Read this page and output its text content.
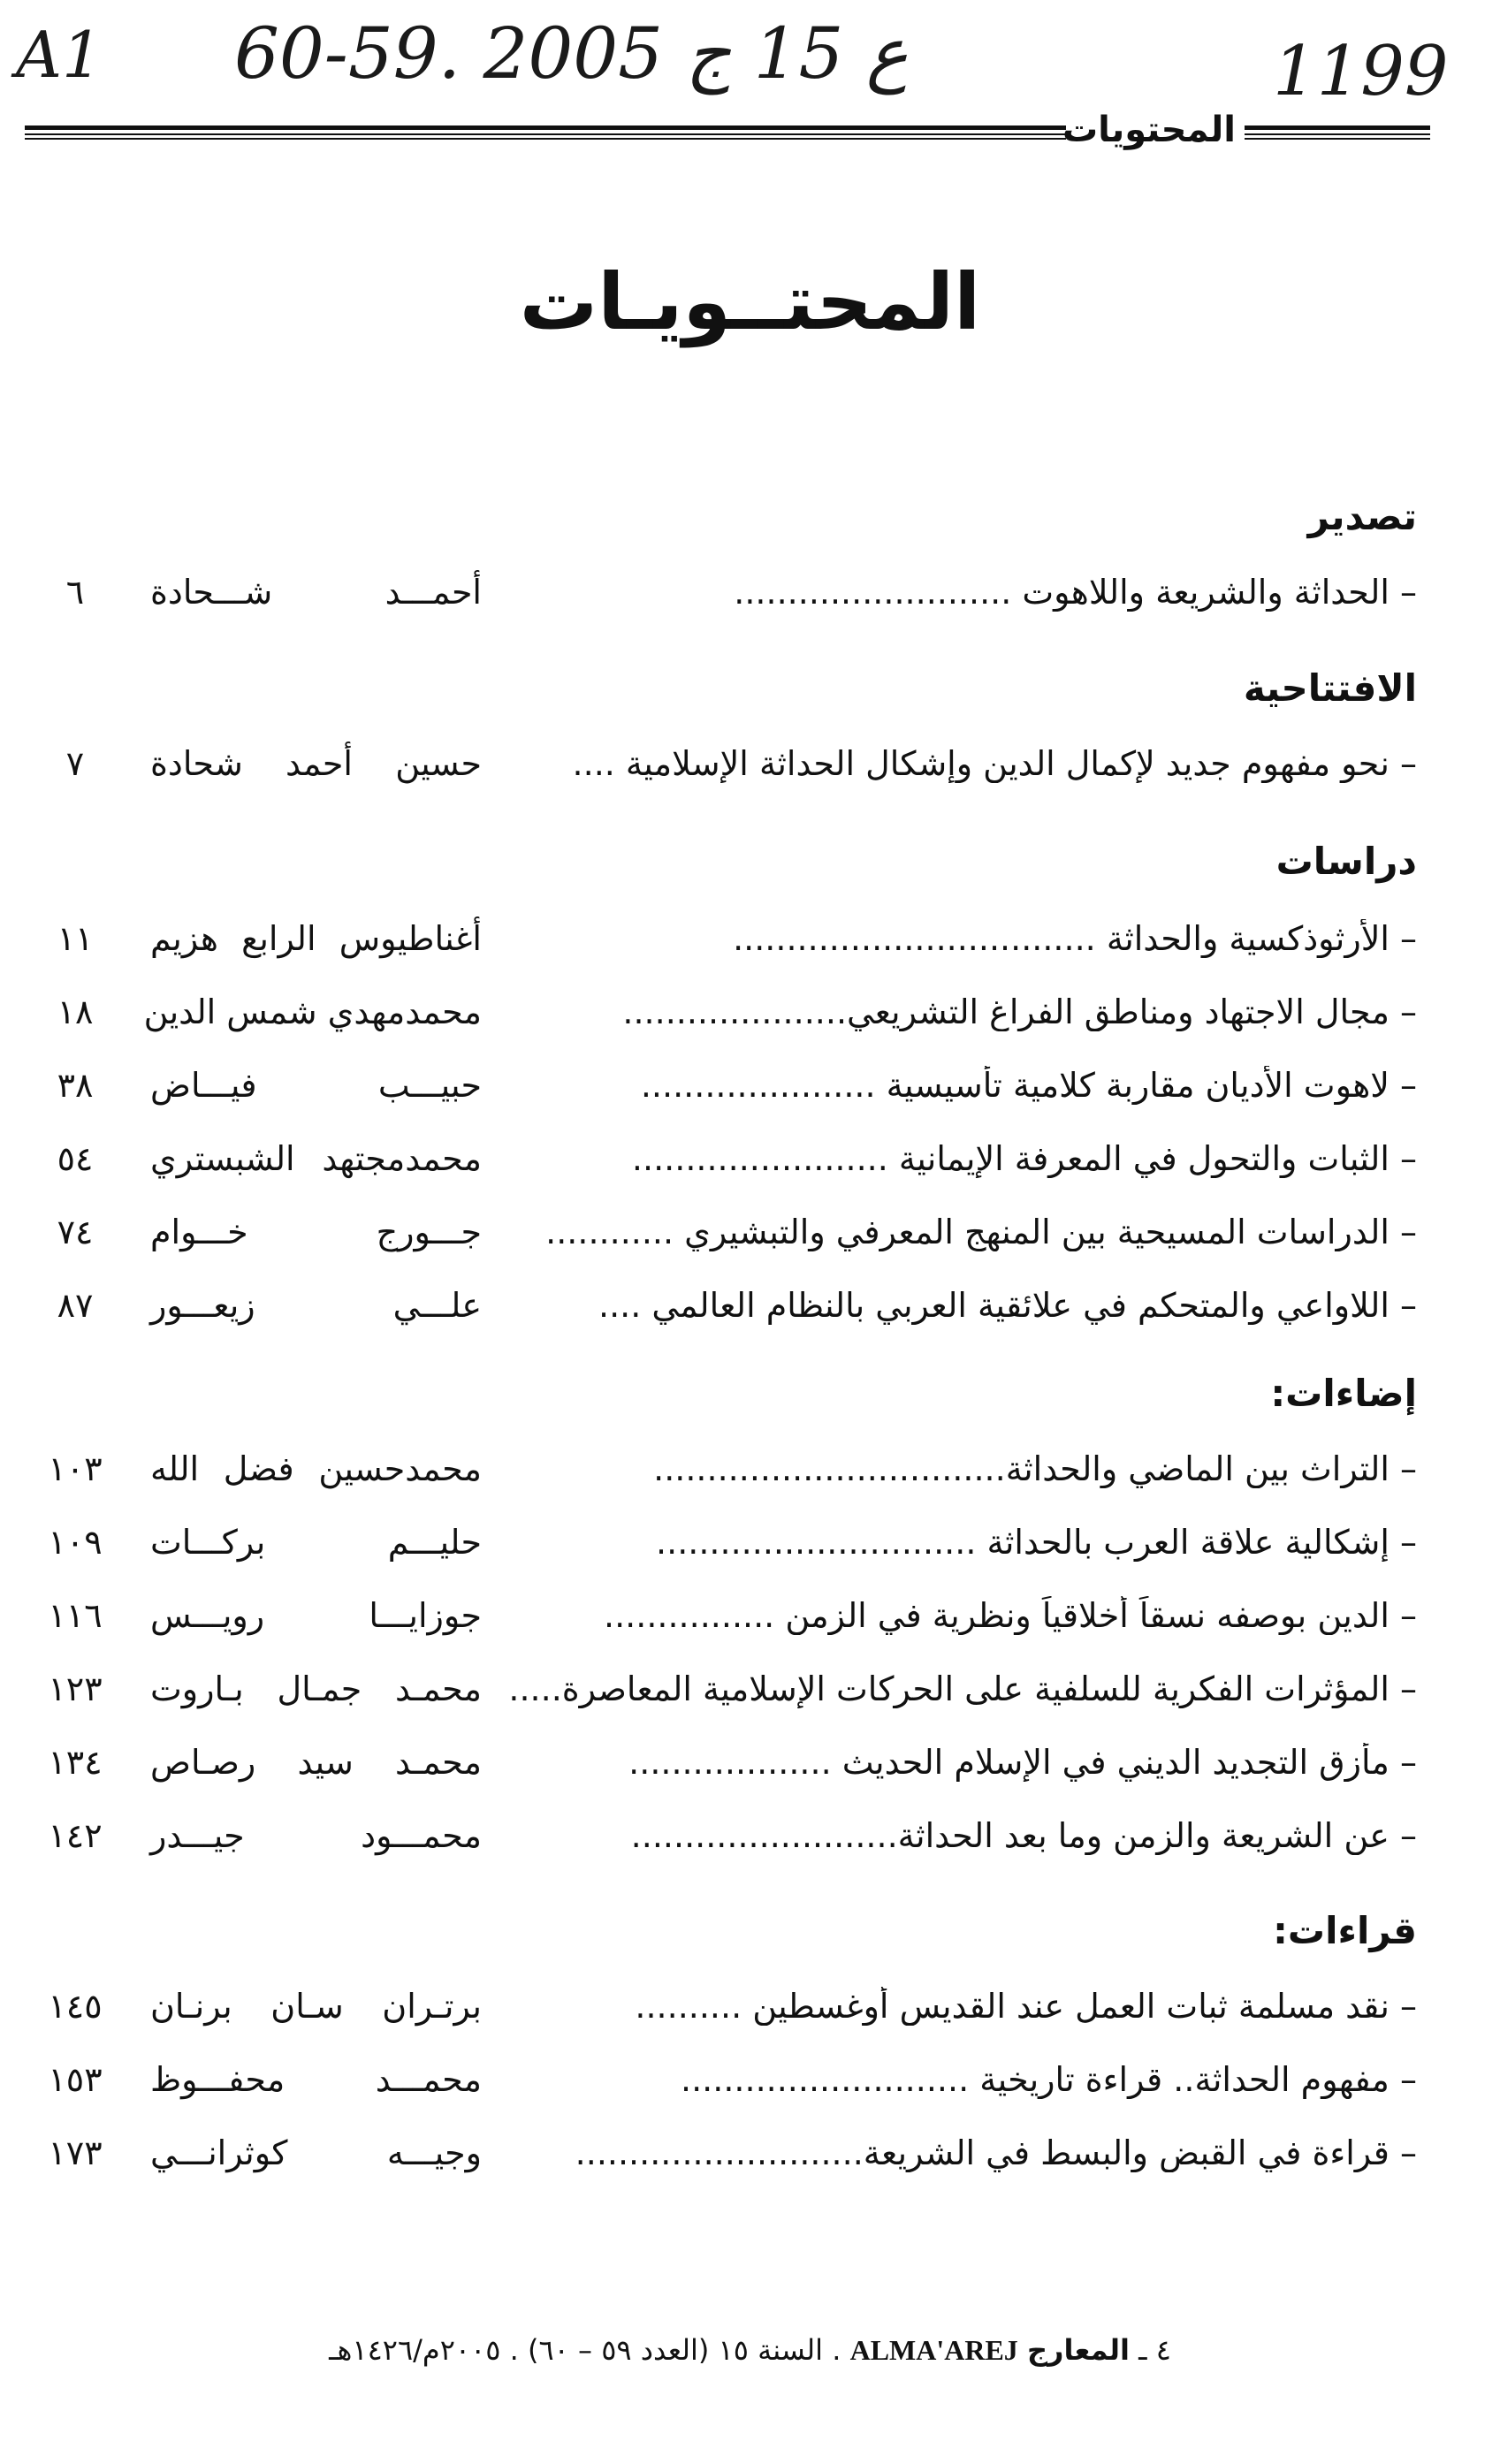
A1 60-59. ع 15 ج 2005	1199
المحتويات
المحتــويـات
تصدير
– الحداثة والشريعة واللاهوت ..........................
أحمـــد شـــحادة
٦
الافتتاحية
– نحو مفهوم جديد لإكمال الدين وإشكال الحداثة الإسلامية ....
حسين أحمد شحادة
٧
دراسات
– الأرثوذكسية والحداثة ..................................
أغناطيوس الرابع هزيم
١١
– مجال الاجتهاد ومناطق الفراغ التشريعي.....................
محمدمهدي شمس الدين
١٨
– لاهوت الأديان مقاربة كلامية تأسيسية ......................
حبيـــب فيـــاض
٣٨
– الثبات والتحول في المعرفة الإيمانية ........................
محمدمجتهد الشبستري
٥٤
– الدراسات المسيحية بين المنهج المعرفي والتبشيري ............
جـــورج خـــوام
٧٤
– اللاواعي والمتحكم في علائقية العربي بالنظام العالمي ....
علـــي زيعـــور
٨٧
إضاءات:
– التراث بين الماضي والحداثة.................................
محمدحسين فضل الله
١٠٣
– إشكالية علاقة العرب بالحداثة ..............................
حليـــم بركـــات
١٠٩
– الدين بوصفه نسقاً أخلاقياً ونظرية في الزمن ................
جوزايـــا رويـــس
١١٦
– المؤثرات الفكرية للسلفية على الحركات الإسلامية المعاصرة.....
محمـد جمـال بـاروت
١٢٣
– مأزق التجديد الديني في الإسلام الحديث ...................
محمـد سيد رصـاص
١٣٤
– عن الشريعة والزمن وما بعد الحداثة.........................
محمـــود جيـــدر
١٤٢
قراءات:
– نقد مسلمة ثبات العمل عند القديس أوغسطين ..........
برتـران سـان برنـان
١٤٥
– مفهوم الحداثة.. قراءة تاريخية ...........................
محمـــد محفـــوظ
١٥٣
– قراءة في القبض والبسط في الشريعة...........................
وجيـــه كوثرانـــي
١٧٣
٤ ـ المعارج ALMA'AREJ . السنة ١٥ (العدد ٥٩ – ٦٠) . ٢٠٠٥م/١٤٢٦هـ
